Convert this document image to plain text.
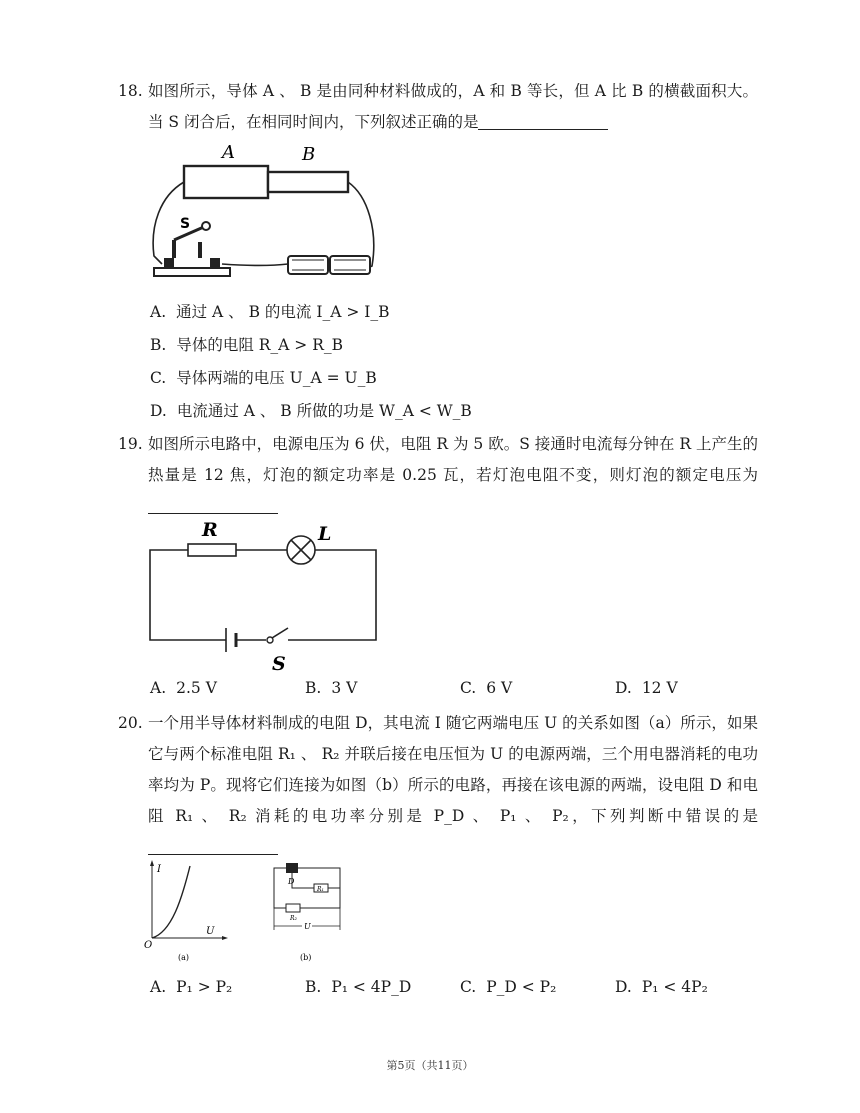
18. 如图所示，导体 A 、 B 是由同种材料做成的，A 和 B 等长，但 A 比 B 的横截面积大。当 S 闭合后，在相同时间内，下列叙述正确的是
A	B
S
A. 通过 A 、 B 的电流 I_A > I_B
B. 导体的电阻 R_A > R_B
C. 导体两端的电压 U_A = U_B
D. 电流通过 A 、 B 所做的功是 W_A < W_B
19. 如图所示电路中，电源电压为 6 伏，电阻 R 为 5 欧。S 接通时电流每分钟在 R 上产生的热量是 12 焦，灯泡的额定功率是 0.25 瓦，若灯泡电阻不变，则灯泡的额定电压为
R	L
S
A. 2.5 V	B. 3 V	C. 6 V	D. 12 V
20. 一个用半导体材料制成的电阻 D，其电流 I 随它两端电压 U 的关系如图（a）所示，如果它与两个标准电阻 R₁ 、 R₂ 并联后接在电压恒为 U 的电源两端，三个用电器消耗的电功率均为 P。现将它们连接为如图（b）所示的电路，再接在该电源的两端，设电阻 D 和电阻 R₁ 、 R₂ 消耗的电功率分别是 P_D 、 P₁ 、 P₂，下列判断中错误的是
I
U
O
(a)
D
R₁
R₂
U
(b)
A. P₁ > P₂	B. P₁ < 4P_D	C. P_D < P₂	D. P₁ < 4P₂
第5页（共11页）
